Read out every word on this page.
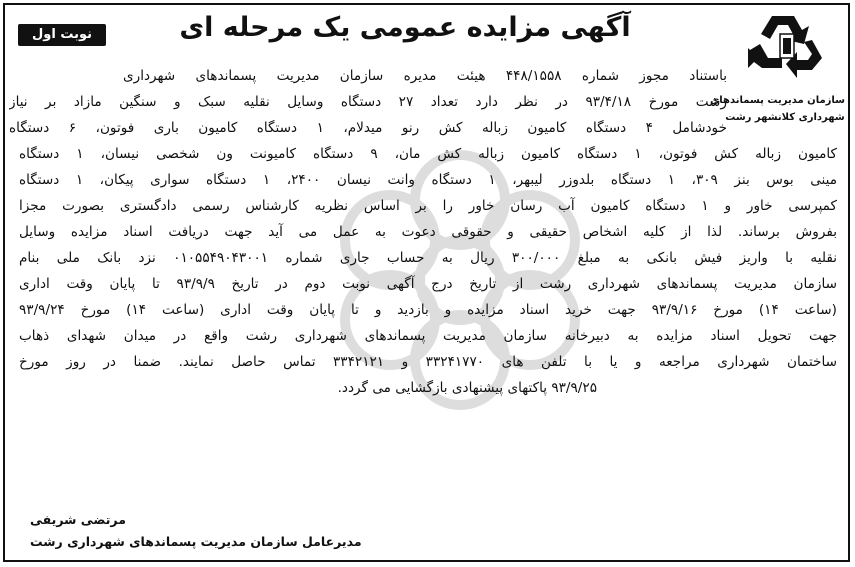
نوبت اول	آگهی مزایده عمومی یک مرحله ای
سازمان مدیریت پسماندهای
شهرداری کلانشهر رشت
باستناد مجوز شماره ۴۴۸/۱۵۵۸ هیئت مدیره سازمان مدیریت پسماندهای شهرداری
رشت مورخ ۹۳/۴/۱۸ در نظر دارد تعداد ۲۷ دستگاه وسایل نقلیه سبک و سنگین مازاد بر نیاز
خودشامل ۴ دستگاه کامیون زباله کش رنو میدلام، ۱ دستگاه کامیون باری فوتون، ۶ دستگاه
کامیون زباله کش فوتون، ۱ دستگاه کامیون زباله کش مان، ۹ دستگاه کامیونت ون شخصی نیسان، ۱ دستگاه
مینی بوس بنز ۳۰۹، ۱ دستگاه بلدوزر لیبهر، ۱ دستگاه وانت نیسان ۲۴۰۰، ۱ دستگاه سواری پیکان، ۱ دستگاه
کمپرسی خاور و ۱ دستگاه کامیون آب رسان خاور را بر اساس نظریه کارشناس رسمی دادگستری بصورت مجزا
بفروش برساند. لذا از کلیه اشخاص حقیقی و حقوقی دعوت به عمل می آید جهت دریافت اسناد مزایده وسایل
نقلیه با واریز فیش بانکی به مبلغ ۳۰۰/۰۰۰ ریال به حساب جاری شماره ۰۱۰۵۵۴۹۰۴۳۰۰۱ نزد بانک ملی بنام
سازمان مدیریت پسماندهای شهرداری رشت از تاریخ درج آگهی نوبت دوم در تاریخ ۹۳/۹/۹ تا پایان وقت اداری
(ساعت ۱۴) مورخ ۹۳/۹/۱۶ جهت خرید اسناد مزایده و بازدید و تا پایان وقت اداری (ساعت ۱۴) مورخ ۹۳/۹/۲۴
جهت تحویل اسناد مزایده به دبیرخانه سازمان مدیریت پسماندهای شهرداری رشت واقع در میدان شهدای ذهاب
ساختمان شهرداری مراجعه و یا با تلفن های ۳۳۲۴۱۷۷۰ و ۳۳۴۲۱۲۱ تماس حاصل نمایند. ضمنا در روز مورخ
۹۳/۹/۲۵ پاکتهای پیشنهادی بازگشایی می گردد.
مرتضی شریفی
مدیرعامل سازمان مدیریت پسماندهای شهرداری رشت
